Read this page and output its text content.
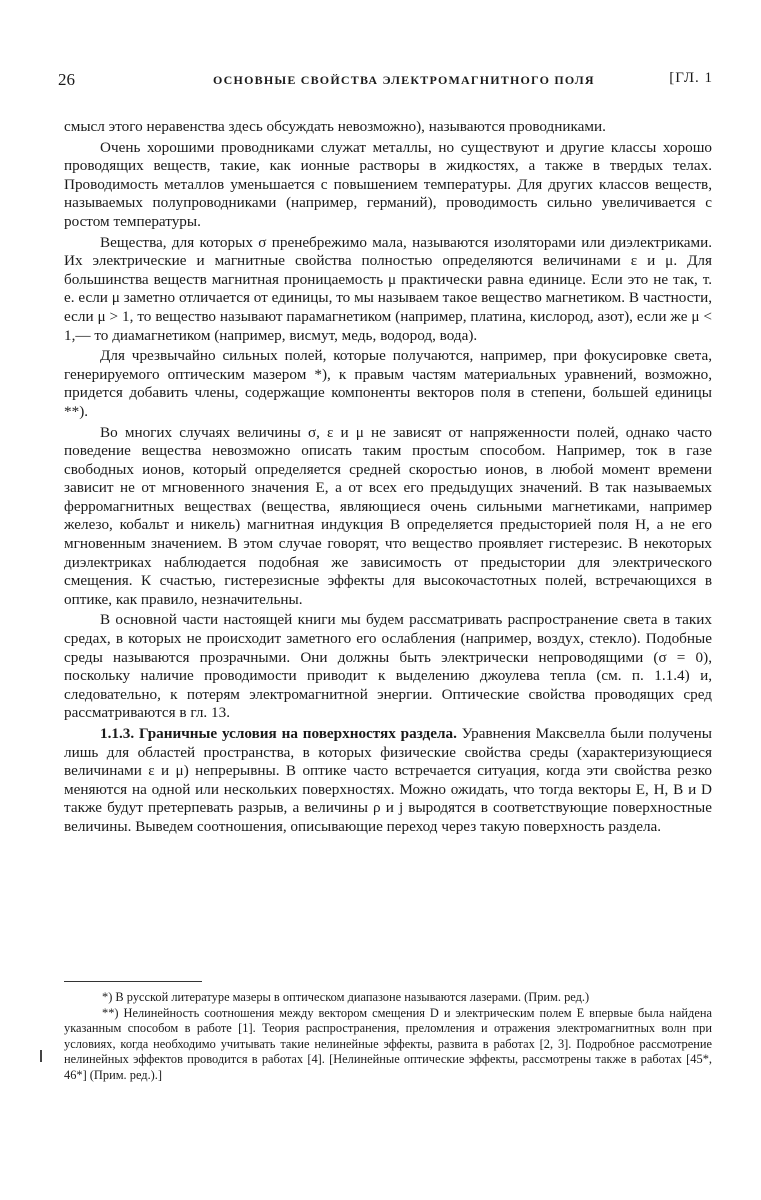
26	ОСНОВНЫЕ СВОЙСТВА ЭЛЕКТРОМАГНИТНОГО ПОЛЯ	[ГЛ. 1

смысл этого неравенства здесь обсуждать невозможно), называются проводниками.

Очень хорошими проводниками служат металлы, но существуют и другие классы хорошо проводящих веществ, такие, как ионные растворы в жидкостях, а также в твердых телах. Проводимость металлов уменьшается с повышением температуры. Для других классов веществ, называемых полупроводниками (например, германий), проводимость сильно увеличивается с ростом температуры.

Вещества, для которых σ пренебрежимо мала, называются изоляторами или диэлектриками. Их электрические и магнитные свойства полностью определяются величинами ε и μ. Для большинства веществ магнитная проницаемость μ практически равна единице. Если это не так, т. е. если μ заметно отличается от единицы, то мы называем такое вещество магнетиком. В частности, если μ > 1, то вещество называют парамагнетиком (например, платина, кислород, азот), если же μ < 1,— то диамагнетиком (например, висмут, медь, водород, вода).

Для чрезвычайно сильных полей, которые получаются, например, при фокусировке света, генерируемого оптическим мазером *), к правым частям материальных уравнений, возможно, придется добавить члены, содержащие компоненты векторов поля в степени, большей единицы **).

Во многих случаях величины σ, ε и μ не зависят от напряженности полей, однако часто поведение вещества невозможно описать таким простым способом. Например, ток в газе свободных ионов, который определяется средней скоростью ионов, в любой момент времени зависит не от мгновенного значения E, а от всех его предыдущих значений. В так называемых ферромагнитных веществах (вещества, являющиеся очень сильными магнетиками, например железо, кобальт и никель) магнитная индукция B определяется предысторией поля H, а не его мгновенным значением. В этом случае говорят, что вещество проявляет гистерезис. В некоторых диэлектриках наблюдается подобная же зависимость от предыстории для электрического смещения. К счастью, гистерезисные эффекты для высокочастотных полей, встречающихся в оптике, как правило, незначительны.

В основной части настоящей книги мы будем рассматривать распространение света в таких средах, в которых не происходит заметного его ослабления (например, воздух, стекло). Подобные среды называются прозрачными. Они должны быть электрически непроводящими (σ = 0), поскольку наличие проводимости приводит к выделению джоулева тепла (см. п. 1.1.4) и, следовательно, к потерям электромагнитной энергии. Оптические свойства проводящих сред рассматриваются в гл. 13.

1.1.3. Граничные условия на поверхностях раздела. Уравнения Максвелла были получены лишь для областей пространства, в которых физические свойства среды (характеризующиеся величинами ε и μ) непрерывны. В оптике часто встречается ситуация, когда эти свойства резко меняются на одной или нескольких поверхностях. Можно ожидать, что тогда векторы E, H, B и D также будут претерпевать разрыв, а величины ρ и j выродятся в соответствующие поверхностные величины. Выведем соотношения, описывающие переход через такую поверхность раздела.

*) В русской литературе мазеры в оптическом диапазоне называются лазерами. (Прим. ред.)

**) Нелинейность соотношения между вектором смещения D и электрическим полем E впервые была найдена указанным способом в работе [1]. Теория распространения, преломления и отражения электромагнитных волн при условиях, когда необходимо учитывать такие нелинейные эффекты, развита в работах [2, 3]. Подробное рассмотрение нелинейных эффектов проводится в работах [4]. [Нелинейные оптические эффекты, рассмотрены также в работах [45*, 46*] (Прим. ред.).]
